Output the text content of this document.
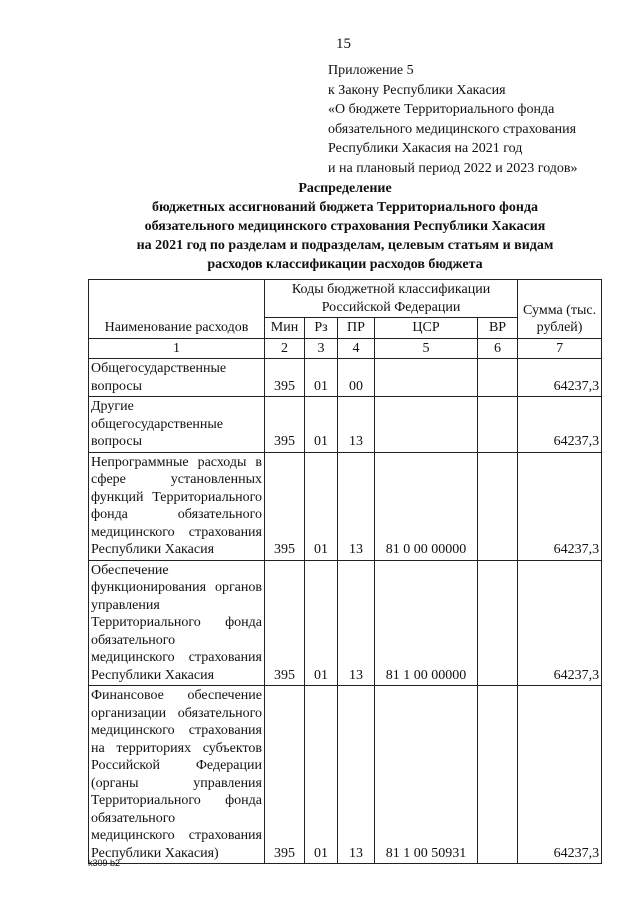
15
Приложение 5
к Закону Республики Хакасия
«О бюджете Территориального фонда
обязательного медицинского страхования
Республики Хакасия на 2021 год
и на плановый период 2022 и 2023 годов»
Распределение
бюджетных ассигнований бюджета Территориального фонда
обязательного медицинского страхования Республики Хакасия
на 2021 год по разделам и подразделам, целевым статьям и видам
расходов классификации расходов бюджета
Наименование расходов	Коды бюджетной классификации Российской Федерации					Сумма (тыс. рублей)
	Мин	Рз	ПР	ЦСР	ВР	
1	2	3	4	5	6	7
Общегосударственные вопросы	395	01	00			64237,3
Другие общегосударственные вопросы	395	01	13			64237,3
Непрограммные расходы в сфере установленных функций Территориального фонда обязательного медицинского страхования Республики Хакасия	395	01	13	81 0 00 00000		64237,3
Обеспечение функционирования органов управления Территориального фонда обязательного медицинского страхования Республики Хакасия	395	01	13	81 1 00 00000		64237,3
Финансовое обеспечение организации обязательного медицинского страхования на территориях субъектов Российской Федерации (органы управления Территориального фонда обязательного медицинского страхования Республики Хакасия)	395	01	13	81 1 00 50931		64237,3
k309 b2
